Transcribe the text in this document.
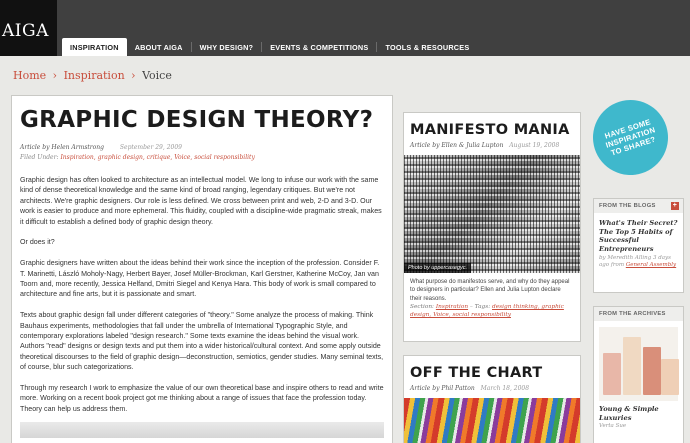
AIGA
INSPIRATION	ABOUT AIGA	WHY DESIGN?	EVENTS & COMPETITIONS	TOOLS & RESOURCES
Home › Inspiration › Voice
GRAPHIC DESIGN THEORY?
Article by Helen Armstrong	September 29, 2009
Filed Under: Inspiration, graphic design, critique, Voice, social responsibility

Graphic design has often looked to architecture as an intellectual model. We long to infuse our work with the same kind of dense theoretical knowledge and the same kind of broad ranging, legendary critiques. But we're not architects. We're graphic designers. Our role is less defined. We cross between print and web, 2-D and 3-D. Our work is easier to produce and more ephemeral. This fluidity, coupled with a discipline-wide pragmatic streak, makes it difficult to establish a defined body of graphic design theory.

Or does it?

Graphic designers have written about the ideas behind their work since the inception of the profession. Consider F. T. Marinetti, László Moholy-Nagy, Herbert Bayer, Josef Müller-Brockman, Karl Gerstner, Katherine McCoy, Jan van Toorn and, more recently, Jessica Helfand, Dmitri Siegel and Kenya Hara. This body of work is small compared to architecture and fine arts, but it is passionate and smart.

Texts about graphic design fall under different categories of "theory." Some analyze the process of making. Think Bauhaus experiments, methodologies that fall under the umbrella of International Typographic Style, and contemporary explorations labeled "design research." Some texts examine the ideas behind the visual work. Authors "read" designs or design texts and put them into a wider historical/cultural context. And some apply outside theoretical discourses to the field of graphic design—deconstruction, semiotics, gender studies. Many seminal texts, of course, blur such categorizations.

Through my research I work to emphasize the value of our own theoretical base and inspire others to read and write more. Working on a recent book project got me thinking about a range of issues that face the profession today. Theory can help us address them.

MANIFESTO MANIA
Article by Ellen & Julia Lupton August 19, 2008
Photo by uppercasegyc.
What purpose do manifestos serve, and why do they appeal to designers in particular? Ellen and Julia Lupton declare their reasons.
Section: Inspiration – Tags: design thinking, graphic design, Voice, social responsibility
OFF THE CHART
Article by Phil Patton March 18, 2008
HAVE SOME INSPIRATION TO SHARE?
FROM THE BLOGS +
What's Their Secret? The Top 5 Habits of Successful Entrepreneurs
by Meredith Alling 3 days ago from General Assembly
FROM THE ARCHIVES
Young & Simple Luxuries
Verta Sue
